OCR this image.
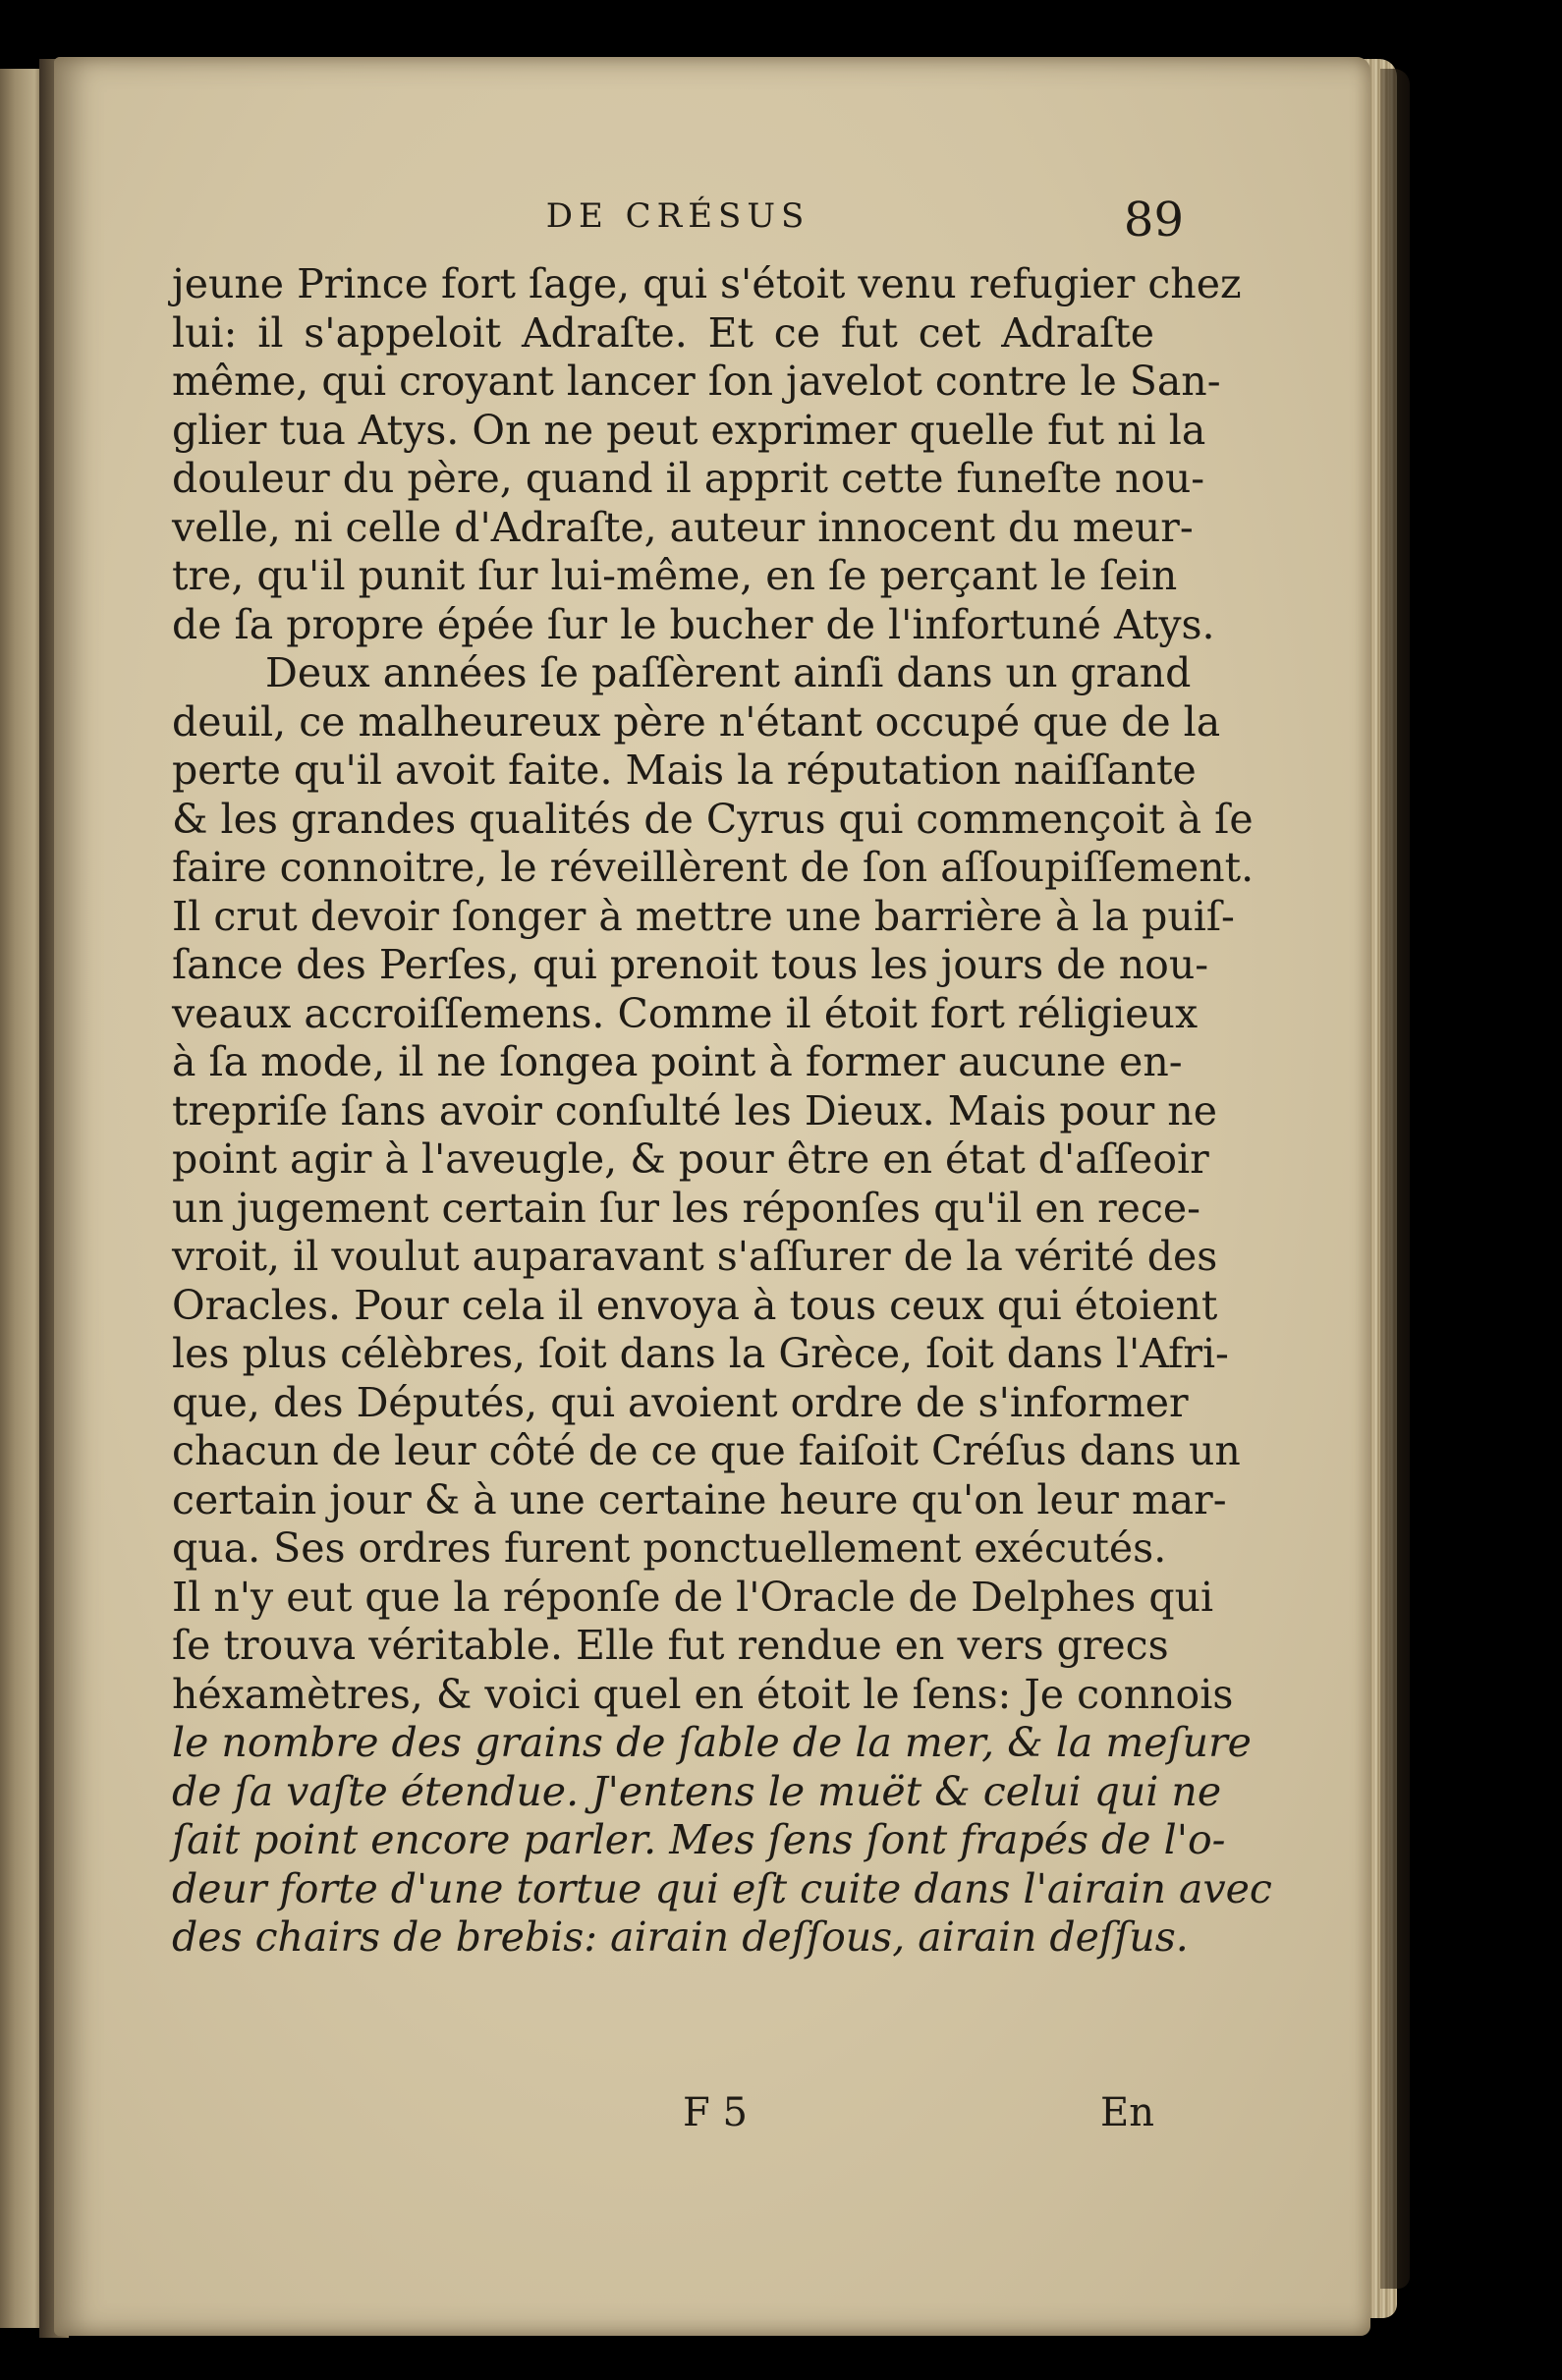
DE CRÉSUS	89
jeune Prince fort ſage, qui s'étoit venu refugier chez
lui: il s'appeloit Adraſte. Et ce fut cet Adraſte
même, qui croyant lancer ſon javelot contre le San-
glier tua Atys. On ne peut exprimer quelle fut ni la
douleur du père, quand il apprit cette funeſte nou-
velle, ni celle d'Adraſte, auteur innocent du meur-
tre, qu'il punit ſur lui-même, en ſe perçant le ſein
de ſa propre épée ſur le bucher de l'infortuné Atys.
Deux années ſe paſſèrent ainſi dans un grand
deuil, ce malheureux père n'étant occupé que de la
perte qu'il avoit faite. Mais la réputation naiſſante
& les grandes qualités de Cyrus qui commençoit à ſe
faire connoitre, le réveillèrent de ſon aſſoupiſſement.
Il crut devoir ſonger à mettre une barrière à la puiſ-
ſance des Perſes, qui prenoit tous les jours de nou-
veaux accroiſſemens. Comme il étoit fort réligieux
à ſa mode, il ne ſongea point à former aucune en-
trepriſe ſans avoir conſulté les Dieux. Mais pour ne
point agir à l'aveugle, & pour être en état d'aſſeoir
un jugement certain ſur les réponſes qu'il en rece-
vroit, il voulut auparavant s'aſſurer de la vérité des
Oracles. Pour cela il envoya à tous ceux qui étoient
les plus célèbres, ſoit dans la Grèce, ſoit dans l'Afri-
que, des Députés, qui avoient ordre de s'informer
chacun de leur côté de ce que faiſoit Créſus dans un
certain jour & à une certaine heure qu'on leur mar-
qua. Ses ordres furent ponctuellement exécutés.
Il n'y eut que la réponſe de l'Oracle de Delphes qui
ſe trouva véritable. Elle fut rendue en vers grecs
héxamètres, & voici quel en étoit le ſens: Je connois
le nombre des grains de ſable de la mer, & la meſure
de ſa vaſte étendue. J'entens le muët & celui qui ne
ſait point encore parler. Mes ſens ſont frapés de l'o-
deur forte d'une tortue qui eſt cuite dans l'airain avec
des chairs de brebis: airain deſſous, airain deſſus.
F 5	En
